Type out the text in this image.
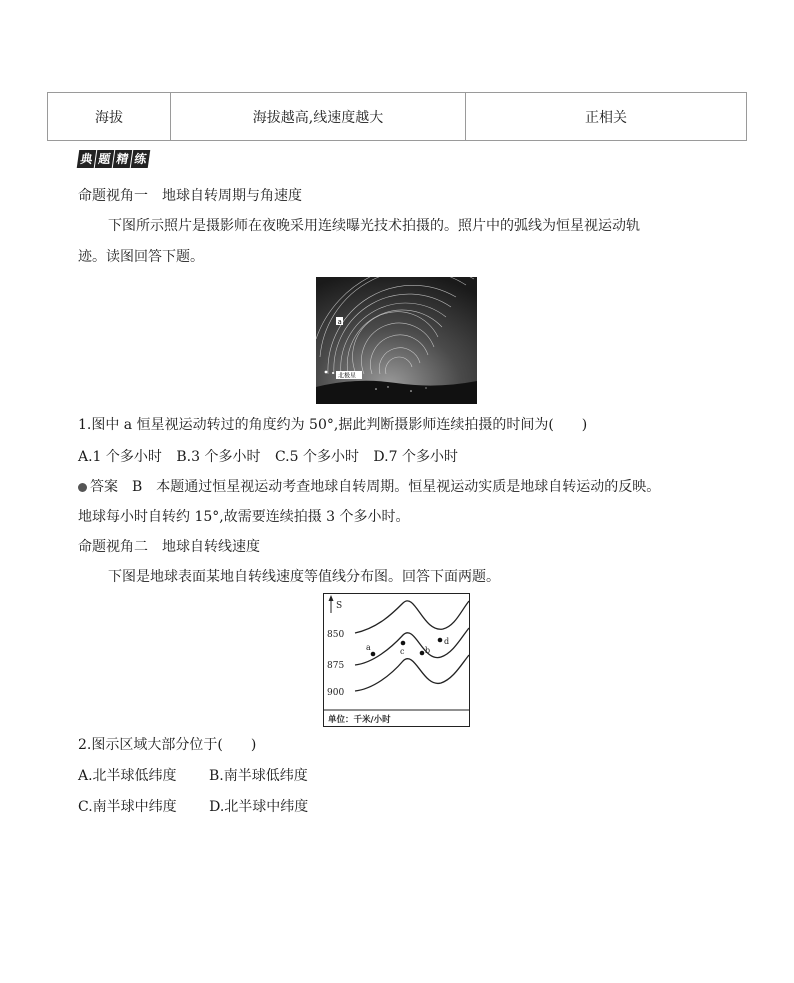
海拔	海拔越高,线速度越大	正相关
典 题 精 练
命题视角一　地球自转周期与角速度
下图所示照片是摄影师在夜晚采用连续曝光技术拍摄的。照片中的弧线为恒星视运动轨
迹。读图回答下题。
a
北极星
1.图中 a 恒星视运动转过的角度约为 50°,据此判断摄影师连续拍摄的时间为(　　)
A.1 个多小时 B.3 个多小时 C.5 个多小时 D.7 个多小时
答案　 B　本题通过恒星视运动考查地球自转周期。恒星视运动实质是地球自转运动的反映。
地球每小时自转约 15°,故需要连续拍摄 3 个多小时。
命题视角二　地球自转线速度
下图是地球表面某地自转线速度等值线分布图。回答下面两题。
S
850
875
900
a	c	b
d
单位：千米/小时
2.图示区域大部分位于(　　)
A.北半球低纬度 B.南半球低纬度
C.南半球中纬度 D.北半球中纬度
